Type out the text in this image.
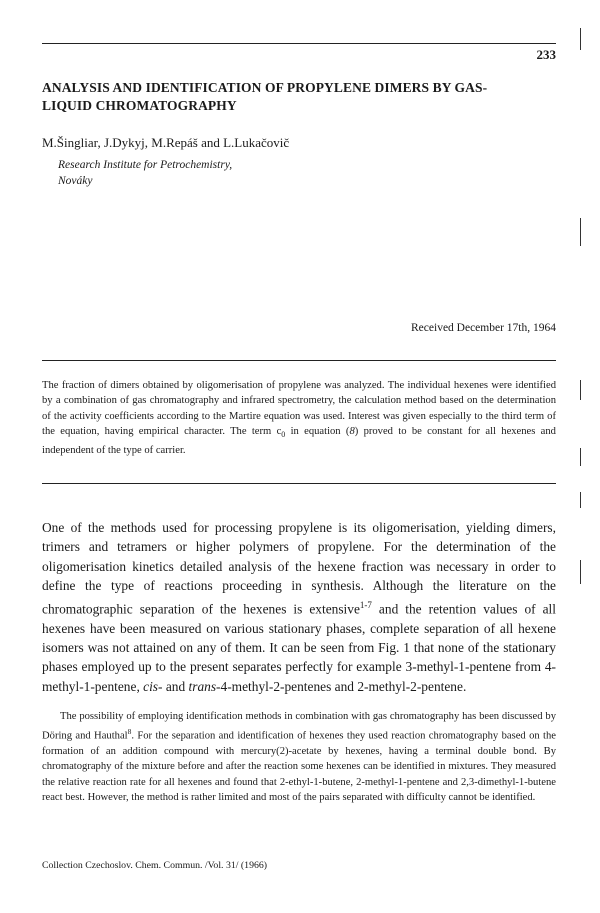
233
ANALYSIS AND IDENTIFICATION OF PROPYLENE DIMERS BY GAS-LIQUID CHROMATOGRAPHY
M.Šingliar, J.Dykyj, M.Repáš and L.Lukačovič
Research Institute for Petrochemistry,
Nováky
Received December 17th, 1964

The fraction of dimers obtained by oligomerisation of propylene was analyzed. The individual hexenes were identified by a combination of gas chromatography and infrared spectrometry, the calculation method based on the determination of the activity coefficients according to the Martire equation was used. Interest was given especially to the third term of the equation, having empirical character. The term $c_0$ in equation (8) proved to be constant for all hexenes and independent of the type of carrier.

One of the methods used for processing propylene is its oligomerisation, yielding dimers, trimers and tetramers or higher polymers of propylene. For the determination of the oligomerisation kinetics detailed analysis of the hexene fraction was necessary in order to define the type of reactions proceeding in synthesis. Although the literature on the chromatographic separation of the hexenes is extensive$^{1-7}$ and the retention values of all hexenes have been measured on various stationary phases, complete separation of all hexene isomers was not attained on any of them. It can be seen from Fig. 1 that none of the stationary phases employed up to the present separates perfectly for example 3-methyl-1-pentene from 4-methyl-1-pentene, cis- and trans-4-methyl-2-pentenes and 2-methyl-2-pentene.

The possibility of employing identification methods in combination with gas chromatography has been discussed by Döring and Hauthal$^8$. For the separation and identification of hexenes they used reaction chromatography based on the formation of an addition compound with mercury(2)-acetate by hexenes, having a terminal double bond. By chromatography of the mixture before and after the reaction some hexenes can be identified in mixtures. They measured the relative reaction rate for all hexenes and found that 2-ethyl-1-butene, 2-methyl-1-pentene and 2,3-dimethyl-1-butene react best. However, the method is rather limited and most of the pairs separated with difficulty cannot be identified.

Collection Czechoslov. Chem. Commun. /Vol. 31/ (1966)
